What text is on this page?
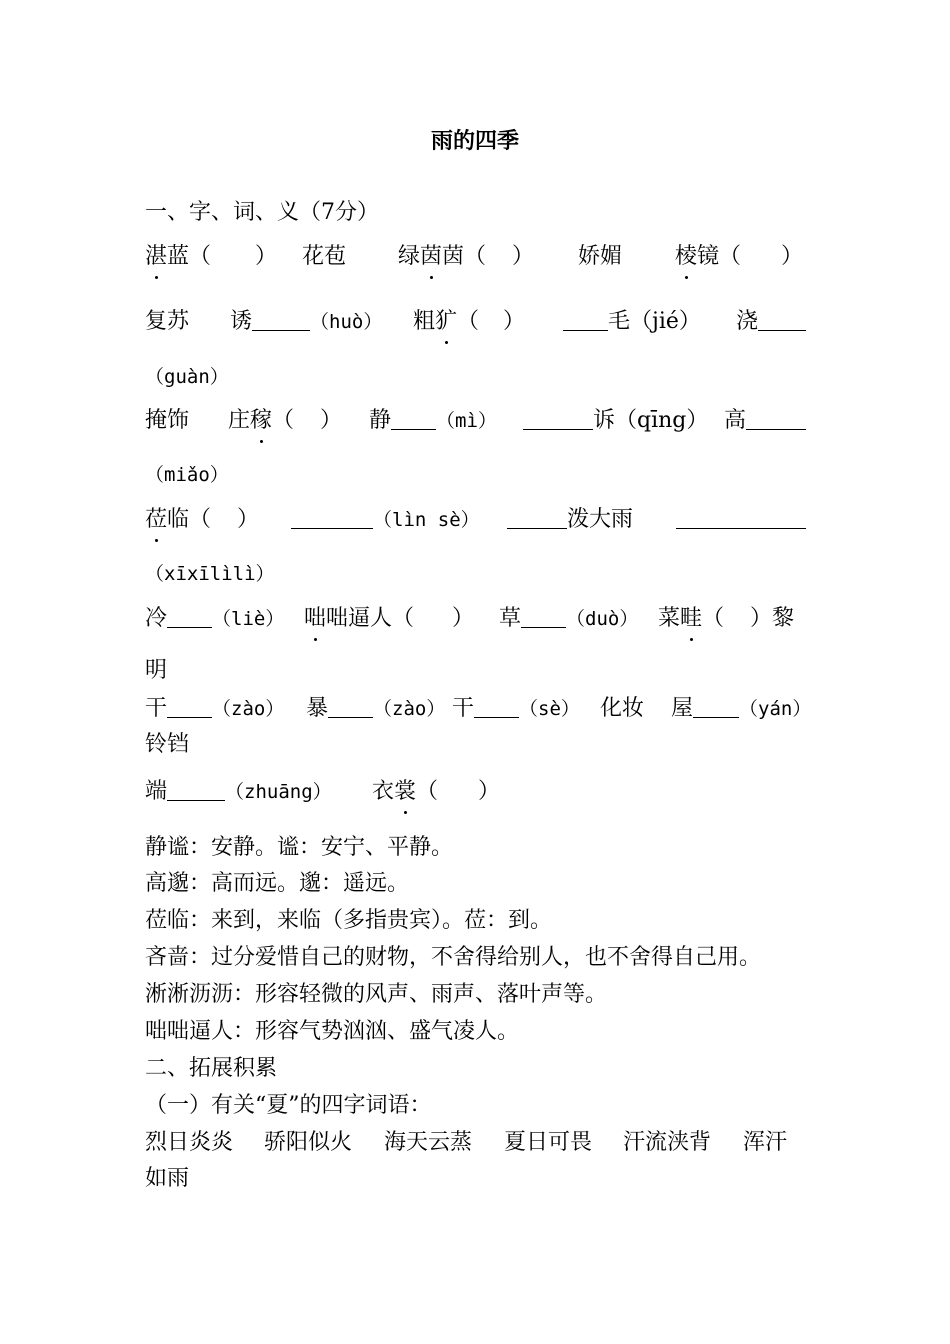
雨的四季
一、字、词、义（7分）
湛蓝（ ） 花苞 绿茵茵（ ） 娇媚 棱镜（ ）
复苏 诱	（huò） 粗犷（ ）	毛（jié） 浇
（guàn）
掩饰 庄稼（ ） 静 （mì）	诉（qīng） 高
（miǎo）
莅临（ ）	（lìn sè）	泼大雨
（xīxīlìlì）
冷 （liè） 咄咄逼人（ ） 草 （duò） 菜畦（ ）黎
明
干 （zào） 暴 （zào） 干 （sè） 化妆 屋 （yán）
铃铛
端	（zhuāng） 衣裳（ ）
静谧：安静。谧：安宁、平静。
高邈：高而远。邈：遥远。
莅临：来到，来临（多指贵宾）。莅：到。
吝啬：过分爱惜自己的财物，不舍得给别人，也不舍得自己用。
淅淅沥沥：形容轻微的风声、雨声、落叶声等。
咄咄逼人：形容气势汹汹、盛气凌人。
二、拓展积累
（一）有关“夏”的四字词语：
烈日炎炎 骄阳似火 海天云蒸 夏日可畏 汗流浃背 浑汗
如雨
